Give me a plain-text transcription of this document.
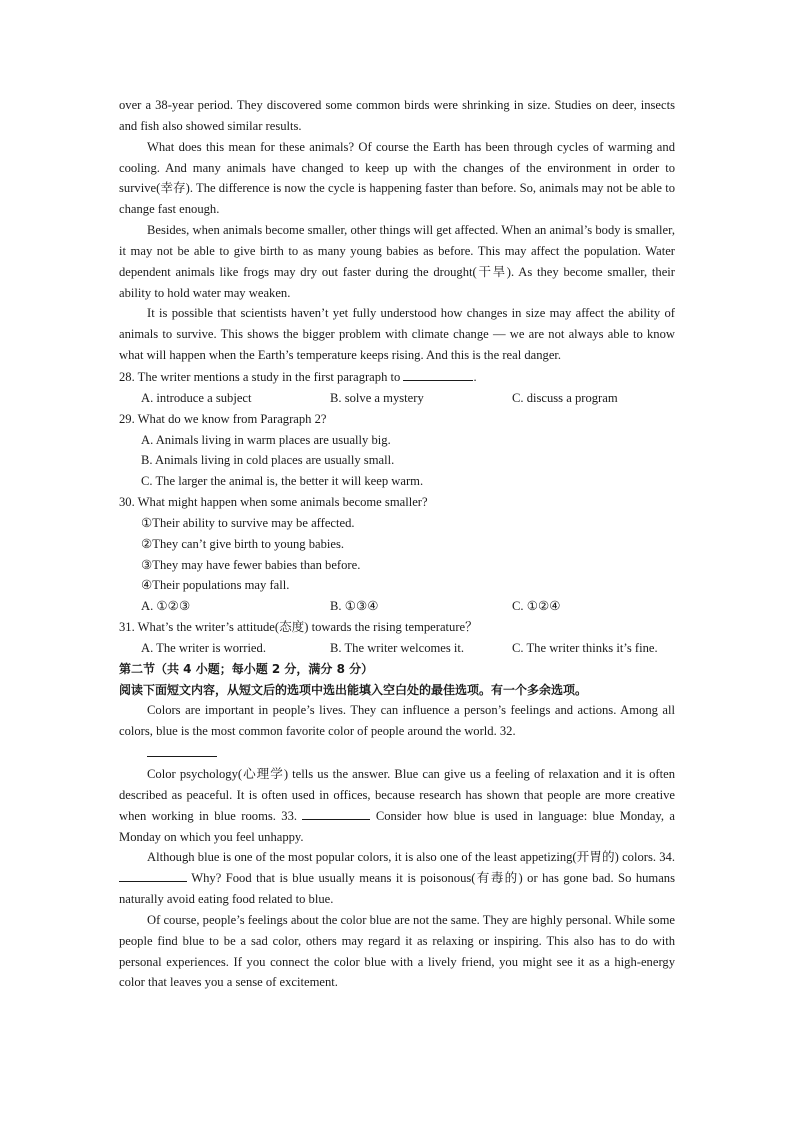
over a 38-year period. They discovered some common birds were shrinking in size. Studies on deer, insects and fish also showed similar results.

What does this mean for these animals? Of course the Earth has been through cycles of warming and cooling. And many animals have changed to keep up with the changes of the environment in order to survive(幸存). The difference is now the cycle is happening faster than before. So, animals may not be able to change fast enough.

Besides, when animals become smaller, other things will get affected. When an animal’s body is smaller, it may not be able to give birth to as many young babies as before. This may affect the population. Water dependent animals like frogs may dry out faster during the drought(干旱). As they become smaller, their ability to hold water may weaken.

It is possible that scientists haven’t yet fully understood how changes in size may affect the ability of animals to survive. This shows the bigger problem with climate change — we are not always able to know what will happen when the Earth’s temperature keeps rising. And this is the real danger.

28. The writer mentions a study in the first paragraph to	.
A. introduce a subject	B. solve a mystery	C. discuss a program
29. What do we know from Paragraph 2?
A. Animals living in warm places are usually big.
B. Animals living in cold places are usually small.
C. The larger the animal is, the better it will keep warm.
30. What might happen when some animals become smaller?
①Their ability to survive may be affected.
②They can’t give birth to young babies.
③They may have fewer babies than before.
④Their populations may fall.
A. ①②③	B. ①③④	C. ①②④
31. What’s the writer’s attitude(态度) towards the rising temperature？
A. The writer is worried.	B. The writer welcomes it.	C. The writer thinks it’s fine.
第二节（共 4 小题；每小题 2 分，满分 8 分）
阅读下面短文内容，从短文后的选项中选出能填入空白处的最佳选项。有一个多余选项。

Colors are important in people’s lives. They can influence a person’s feelings and actions. Among all colors, blue is the most common favorite color of people around the world. 32.

Color psychology(心理学) tells us the answer. Blue can give us a feeling of relaxation and it is often described as peaceful. It is often used in offices, because research has shown that people are more creative when working in blue rooms. 33.	Consider how blue is used in language: blue Monday, a Monday on which you feel unhappy.

Although blue is one of the most popular colors, it is also one of the least appetizing(开胃的) colors. 34.  Why? Food that is blue usually means it is poisonous(有毒的) or has gone bad. So humans naturally avoid eating food related to blue.

Of course, people’s feelings about the color blue are not the same. They are highly personal. While some people find blue to be a sad color, others may regard it as relaxing or inspiring. This also has to do with personal experiences. If you connect the color blue with a lively friend, you might see it as a high-energy color that leaves you a sense of excitement.
